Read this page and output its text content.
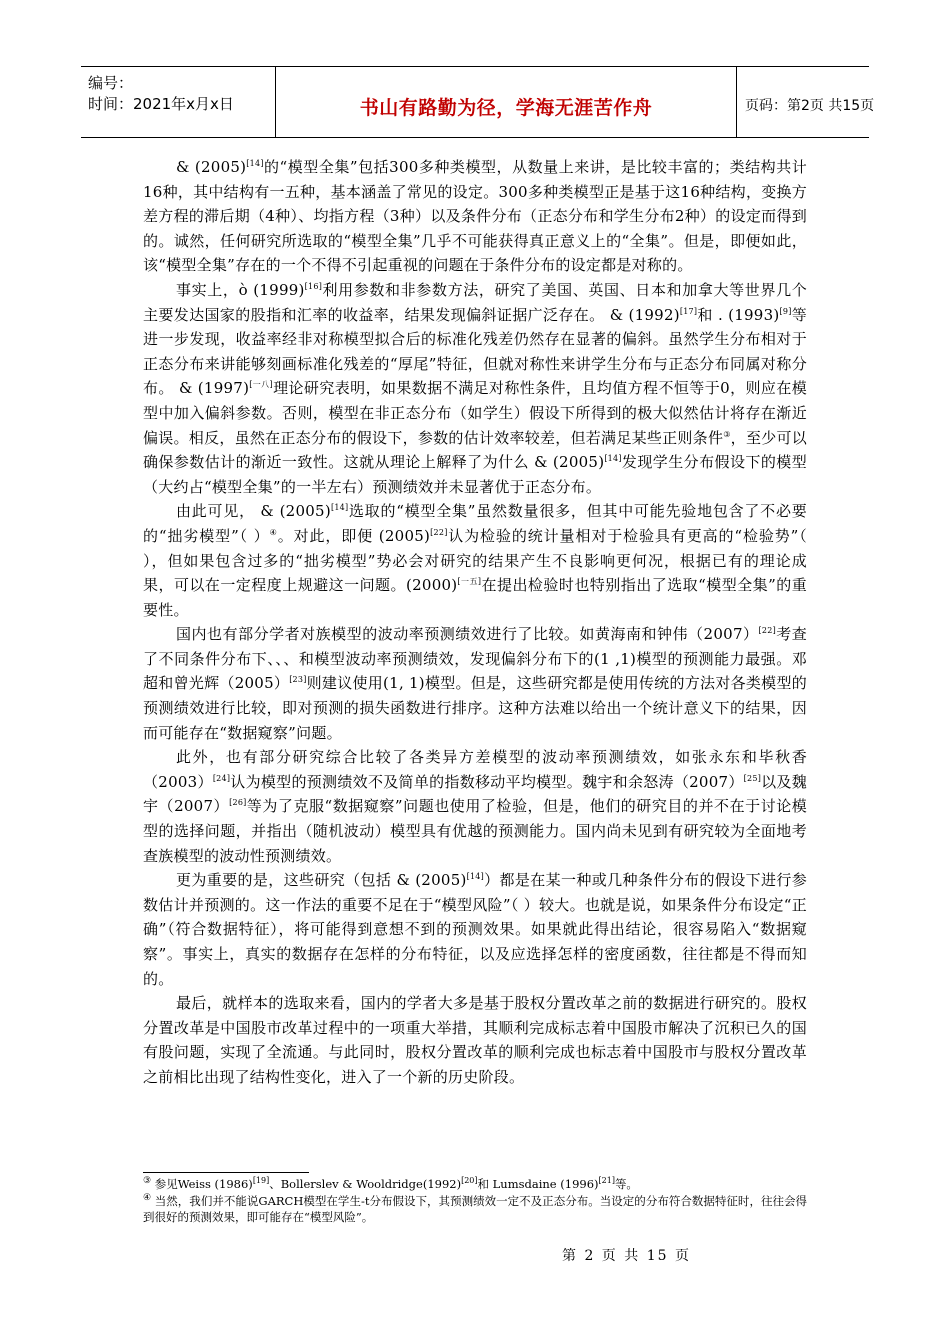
编号：
时间：2021年x月x日	书山有路勤为径，学海无涯苦作舟	页码：第2页 共15页

& (2005)[14]的“模型全集”包括300多种类模型，从数量上来讲，是比较丰富的；类结构共计16种，其中结构有一五种，基本涵盖了常见的设定。300多种类模型正是基于这16种结构，变换方差方程的滞后期（4种）、均指方程（3种）以及条件分布（正态分布和学生分布2种）的设定而得到的。诚然，任何研究所选取的“模型全集”几乎不可能获得真正意义上的“全集”。但是，即便如此，该“模型全集”存在的一个不得不引起重视的问题在于条件分布的设定都是对称的。

事实上，ò (1999)[16]利用参数和非参数方法，研究了美国、英国、日本和加拿大等世界几个主要发达国家的股指和汇率的收益率，结果发现偏斜证据广泛存在。 & (1992)[17]和 . (1993)[9]等进一步发现，收益率经非对称模型拟合后的标准化残差仍然存在显著的偏斜。虽然学生分布相对于正态分布来讲能够刻画标准化残差的“厚尾”特征，但就对称性来讲学生分布与正态分布同属对称分布。 & (1997)[一八]理论研究表明，如果数据不满足对称性条件，且均值方程不恒等于0，则应在模型中加入偏斜参数。否则，模型在非正态分布（如学生）假设下所得到的极大似然估计将存在渐近偏误。相反，虽然在正态分布的假设下，参数的估计效率较差，但若满足某些正则条件③，至少可以确保参数估计的渐近一致性。这就从理论上解释了为什么 & (2005)[14]发现学生分布假设下的模型（大约占“模型全集”的一半左右）预测绩效并未显著优于正态分布。

由此可见， & (2005)[14]选取的“模型全集”虽然数量很多，但其中可能先验地包含了不必要的“拙劣模型”（ ）④。对此，即便 (2005)[22]认为检验的统计量相对于检验具有更高的“检验势”（ ），但如果包含过多的“拙劣模型”势必会对研究的结果产生不良影响更何况，根据已有的理论成果，可以在一定程度上规避这一问题。(2000)[一五]在提出检验时也特别指出了选取“模型全集”的重要性。

国内也有部分学者对族模型的波动率预测绩效进行了比较。如黄海南和钟伟（2007）[22]考查了不同条件分布下、、、和模型波动率预测绩效，发现偏斜分布下的(1 ,1)模型的预测能力最强。邓超和曾光辉（2005）[23]则建议使用(1, 1)模型。但是，这些研究都是使用传统的方法对各类模型的预测绩效进行比较，即对预测的损失函数进行排序。这种方法难以给出一个统计意义下的结果，因而可能存在“数据窥察”问题。

此外，也有部分研究综合比较了各类异方差模型的波动率预测绩效，如张永东和毕秋香（2003）[24]认为模型的预测绩效不及简单的指数移动平均模型。魏宇和余怒涛（2007）[25]以及魏宇（2007）[26]等为了克服“数据窥察”问题也使用了检验，但是，他们的研究目的并不在于讨论模型的选择问题，并指出（随机波动）模型具有优越的预测能力。国内尚未见到有研究较为全面地考查族模型的波动性预测绩效。

更为重要的是，这些研究（包括 & (2005)[14]）都是在某一种或几种条件分布的假设下进行参数估计并预测的。这一作法的重要不足在于“模型风险”（ ）较大。也就是说，如果条件分布设定“正确”（符合数据特征），将可能得到意想不到的预测效果。如果就此得出结论，很容易陷入“数据窥察”。事实上，真实的数据存在怎样的分布特征，以及应选择怎样的密度函数，往往都是不得而知的。

最后，就样本的选取来看，国内的学者大多是基于股权分置改革之前的数据进行研究的。股权分置改革是中国股市改革过程中的一项重大举措，其顺利完成标志着中国股市解决了沉积已久的国有股问题，实现了全流通。与此同时，股权分置改革的顺利完成也标志着中国股市与股权分置改革之前相比出现了结构性变化，进入了一个新的历史阶段。

③ 参见Weiss (1986)[19]、Bollerslev & Wooldridge(1992)[20]和 Lumsdaine (1996)[21]等。

④ 当然，我们并不能说GARCH模型在学生-t分布假设下，其预测绩效一定不及正态分布。当设定的分布符合数据特征时，往往会得到很好的预测效果，即可能存在“模型风险”。

第 2 页 共 15 页
